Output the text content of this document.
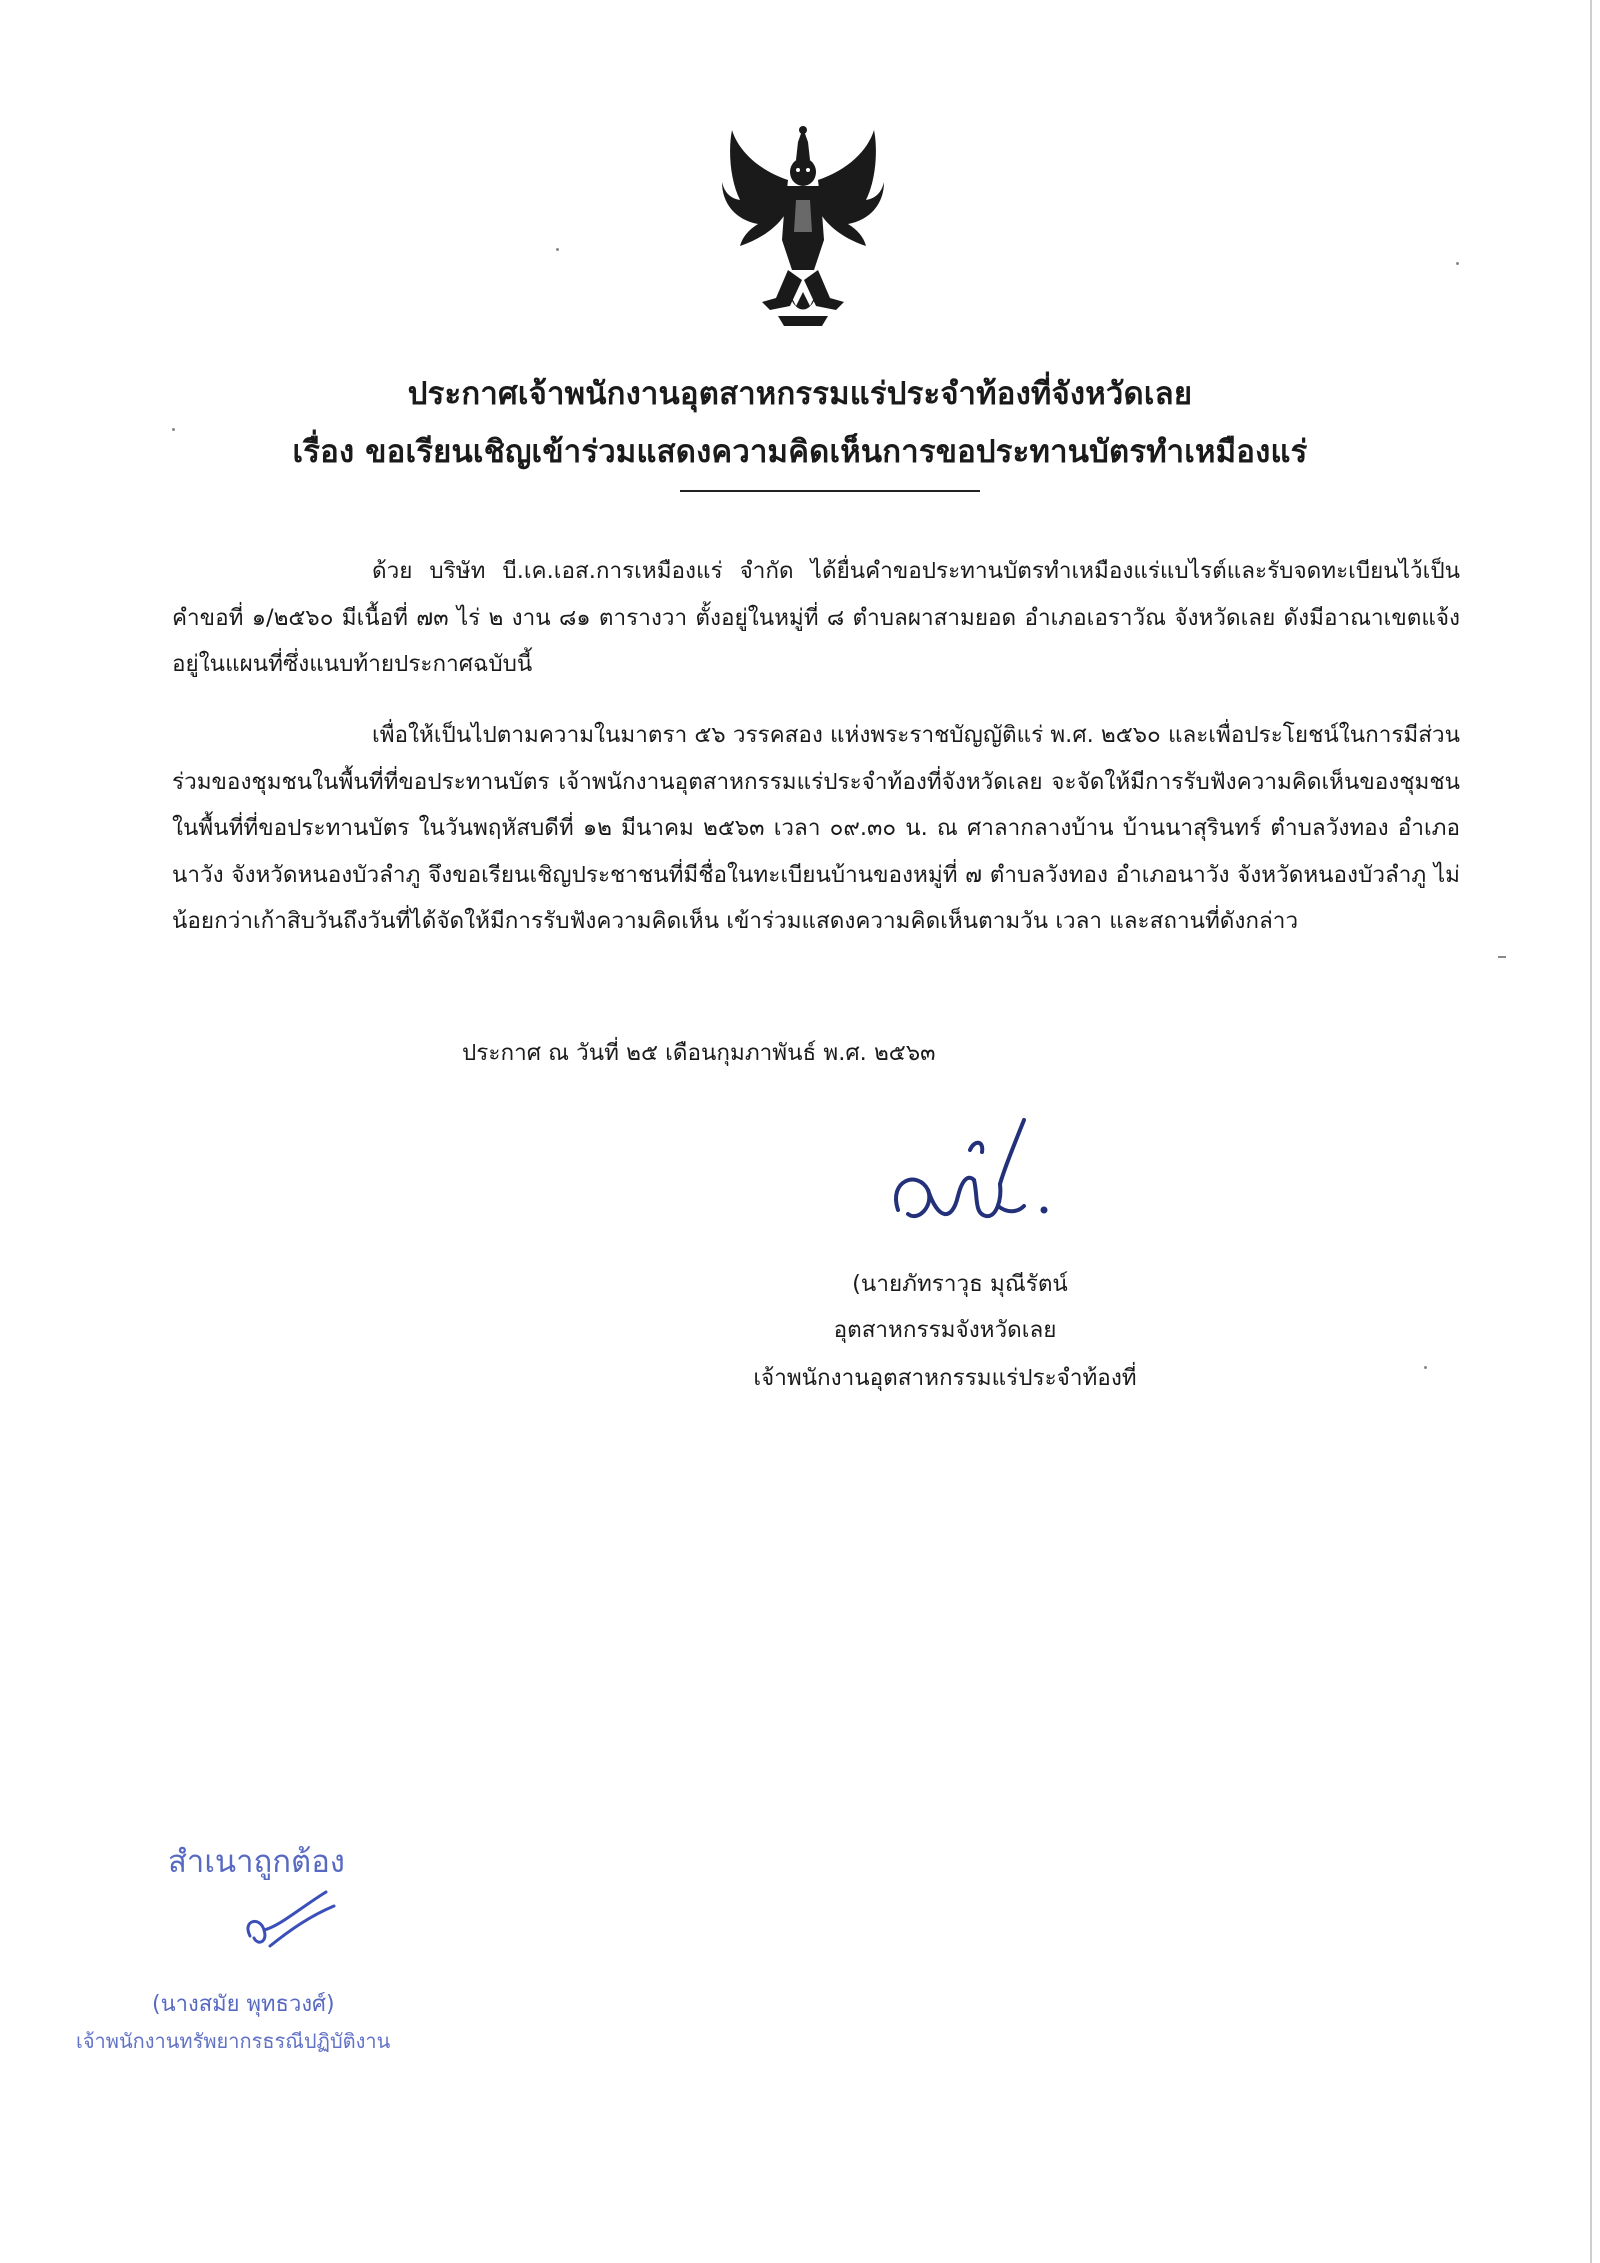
ประกาศเจ้าพนักงานอุตสาหกรรมแร่ประจำท้องที่จังหวัดเลย
เรื่อง ขอเรียนเชิญเข้าร่วมแสดงความคิดเห็นการขอประทานบัตรทำเหมืองแร่
ด้วย บริษัท บี.เค.เอส.การเหมืองแร่ จำกัด ได้ยื่นคำขอประทานบัตรทำเหมืองแร่แบไรต์และรับจดทะเบียนไว้เป็นคำขอที่ ๑/๒๕๖๐ มีเนื้อที่ ๗๓ ไร่ ๒ งาน ๘๑ ตารางวา ตั้งอยู่ในหมู่ที่ ๘ ตำบลผาสามยอด อำเภอเอราวัณ จังหวัดเลย ดังมีอาณาเขตแจ้งอยู่ในแผนที่ซึ่งแนบท้ายประกาศฉบับนี้
เพื่อให้เป็นไปตามความในมาตรา ๕๖ วรรคสอง แห่งพระราชบัญญัติแร่ พ.ศ. ๒๕๖๐ และเพื่อประโยชน์ในการมีส่วนร่วมของชุมชนในพื้นที่ที่ขอประทานบัตร เจ้าพนักงานอุตสาหกรรมแร่ประจำท้องที่จังหวัดเลย จะจัดให้มีการรับฟังความคิดเห็นของชุมชนในพื้นที่ที่ขอประทานบัตร ในวันพฤหัสบดีที่ ๑๒ มีนาคม ๒๕๖๓ เวลา ๐๙.๓๐ น. ณ ศาลากลางบ้าน บ้านนาสุรินทร์ ตำบลวังทอง อำเภอนาวัง จังหวัดหนองบัวลำภู จึงขอเรียนเชิญประชาชนที่มีชื่อในทะเบียนบ้านของหมู่ที่ ๗ ตำบลวังทอง อำเภอนาวัง จังหวัดหนองบัวลำภู ไม่น้อยกว่าเก้าสิบวันถึงวันที่ได้จัดให้มีการรับฟังความคิดเห็น เข้าร่วมแสดงความคิดเห็นตามวัน เวลา และสถานที่ดังกล่าว
ประกาศ ณ วันที่ ๒๕ เดือนกุมภาพันธ์ พ.ศ. ๒๕๖๓
(นายภัทราวุธ มุณีรัตน์
อุตสาหกรรมจังหวัดเลย
เจ้าพนักงานอุตสาหกรรมแร่ประจำท้องที่
สำเนาถูกต้อง
(นางสมัย พุทธวงศ์)
เจ้าพนักงานทรัพยากรธรณีปฏิบัติงาน
